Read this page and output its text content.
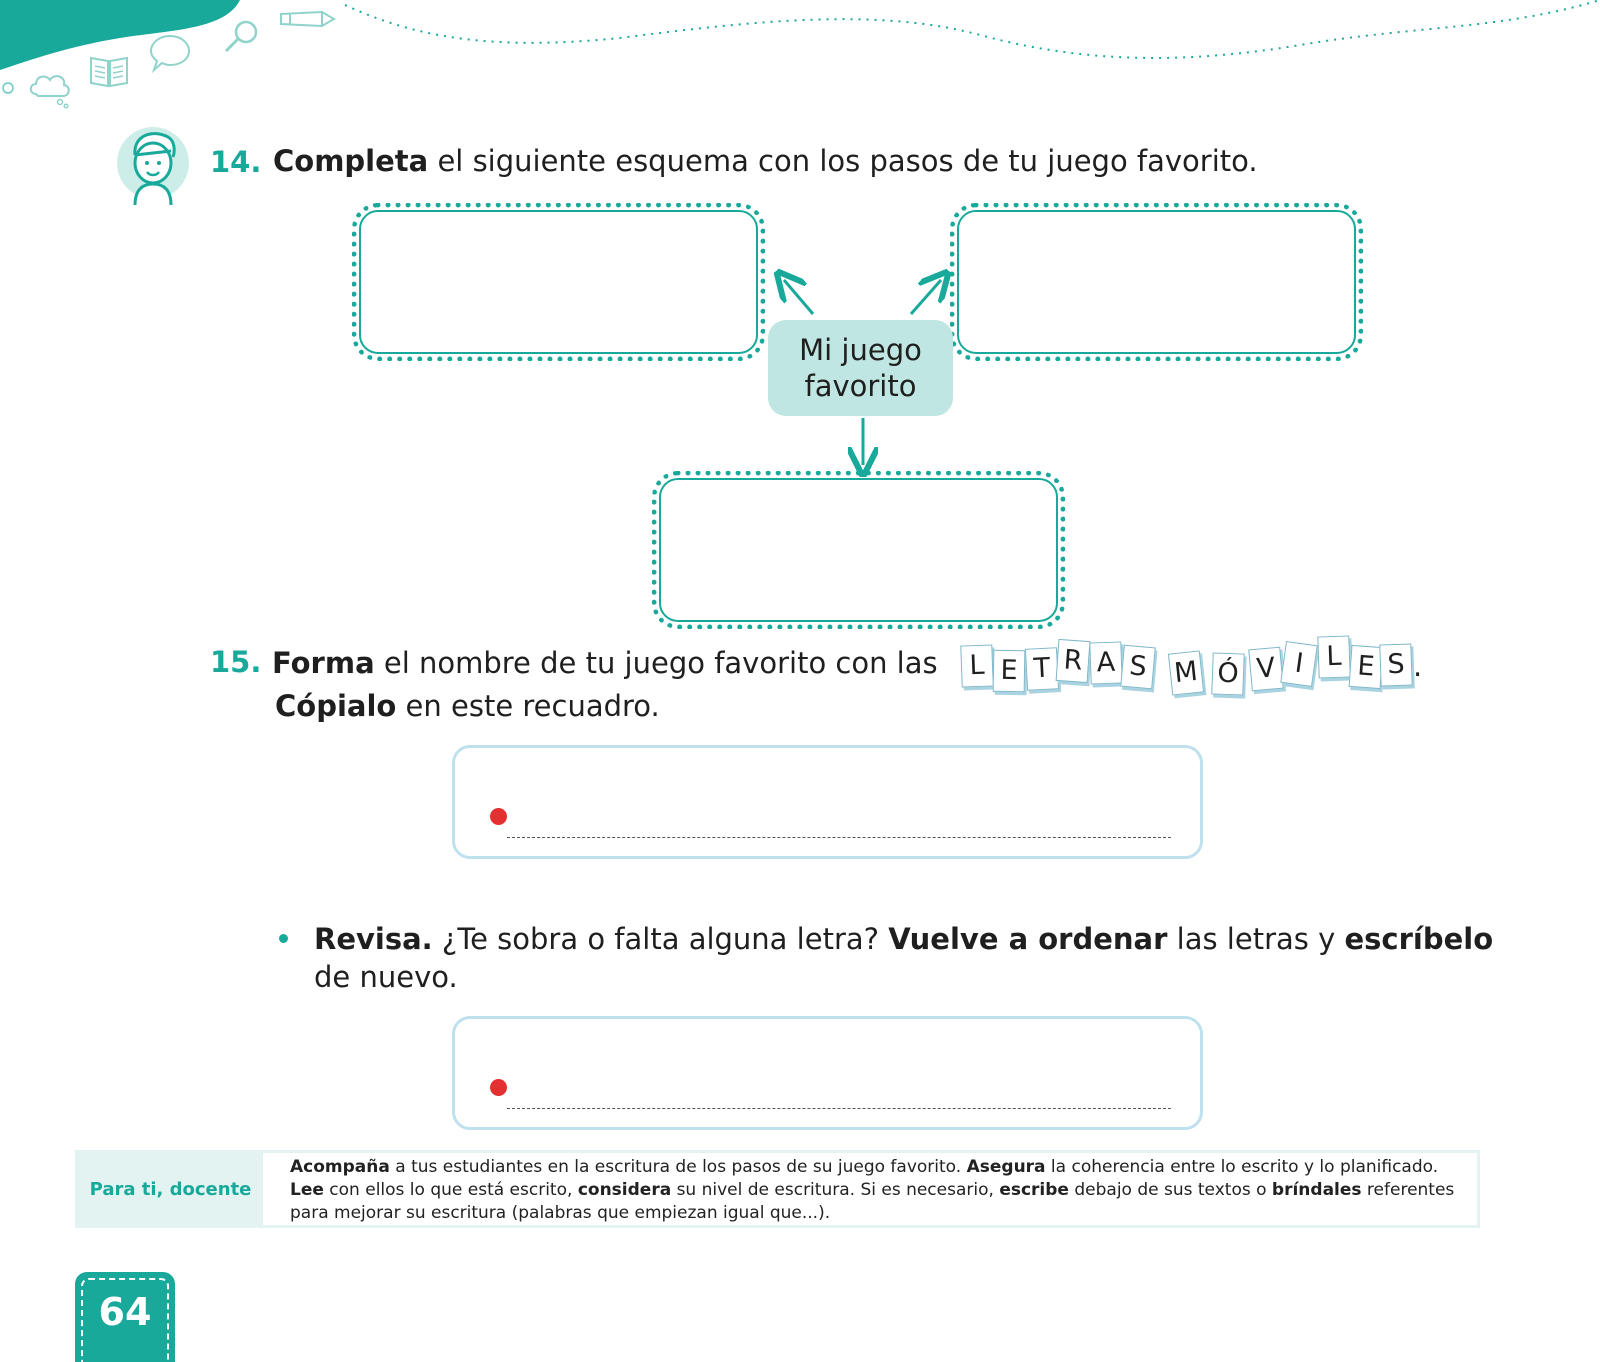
14. Completa el siguiente esquema con los pasos de tu juego favorito.
Mi juego
favorito
15. Forma el nombre de tu juego favorito con las	L E T R A S M Ó V I L E S .
Cópialo en este recuadro.
Revisa. ¿Te sobra o falta alguna letra? Vuelve a ordenar las letras y escríbelo
de nuevo.
Para ti, docente
Acompaña a tus estudiantes en la escritura de los pasos de su juego favorito. Asegura la coherencia entre lo escrito y lo planificado. Lee con ellos lo que está escrito, considera su nivel de escritura. Si es necesario, escribe debajo de sus textos o bríndales referentes para mejorar su escritura (palabras que empiezan igual que...).
64
